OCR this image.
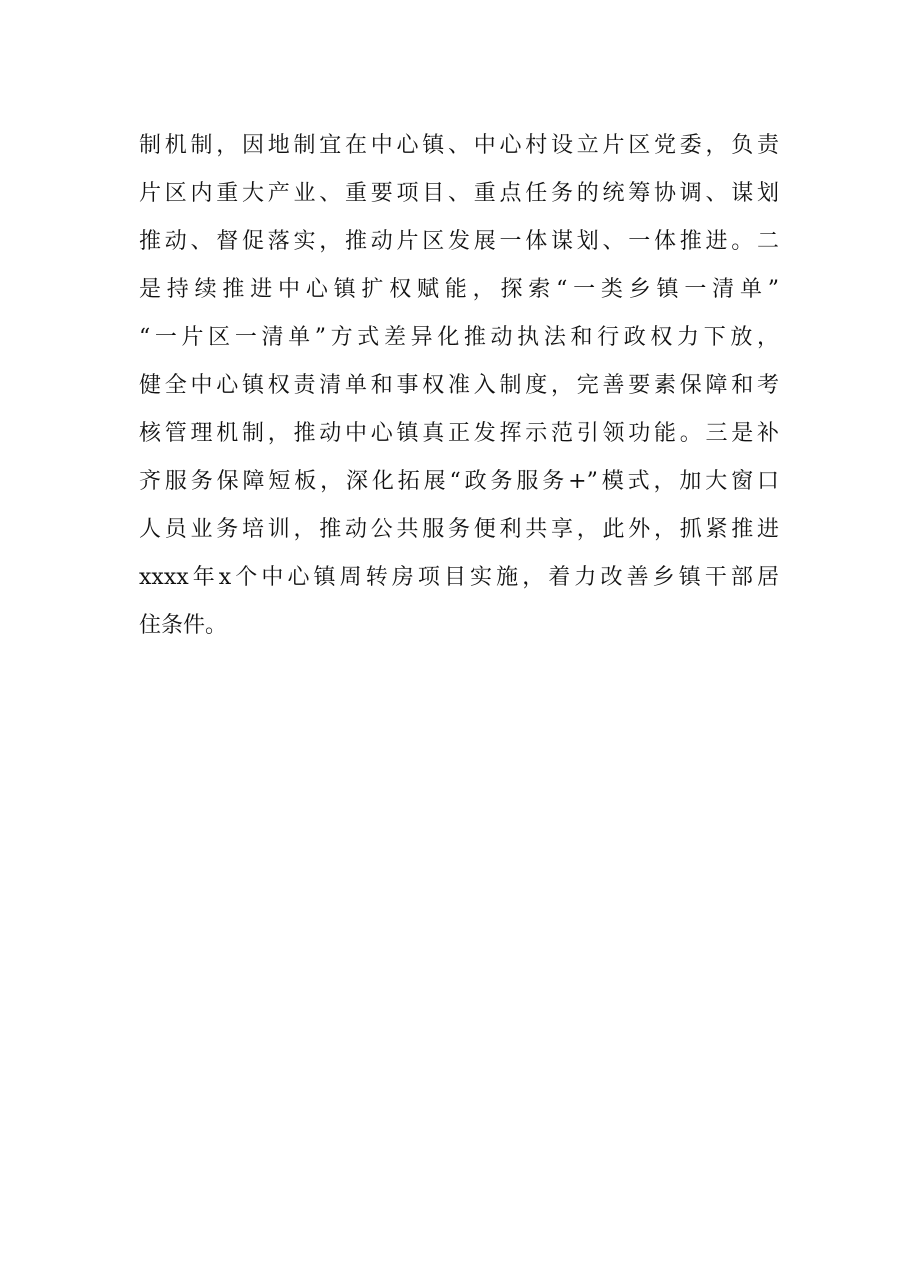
制机制，因地制宜在中心镇、中心村设立片区党委，负责
片区内重大产业、重要项目、重点任务的统筹协调、谋划
推动、督促落实，推动片区发展一体谋划、一体推进。二
是持续推进中心镇扩权赋能，探索“一类乡镇一清单”
“一片区一清单”方式差异化推动执法和行政权力下放，
健全中心镇权责清单和事权准入制度，完善要素保障和考
核管理机制，推动中心镇真正发挥示范引领功能。三是补
齐服务保障短板，深化拓展“政务服务+”模式，加大窗口
人员业务培训，推动公共服务便利共享，此外，抓紧推进
xxxx年x个中心镇周转房项目实施，着力改善乡镇干部居
住条件。
